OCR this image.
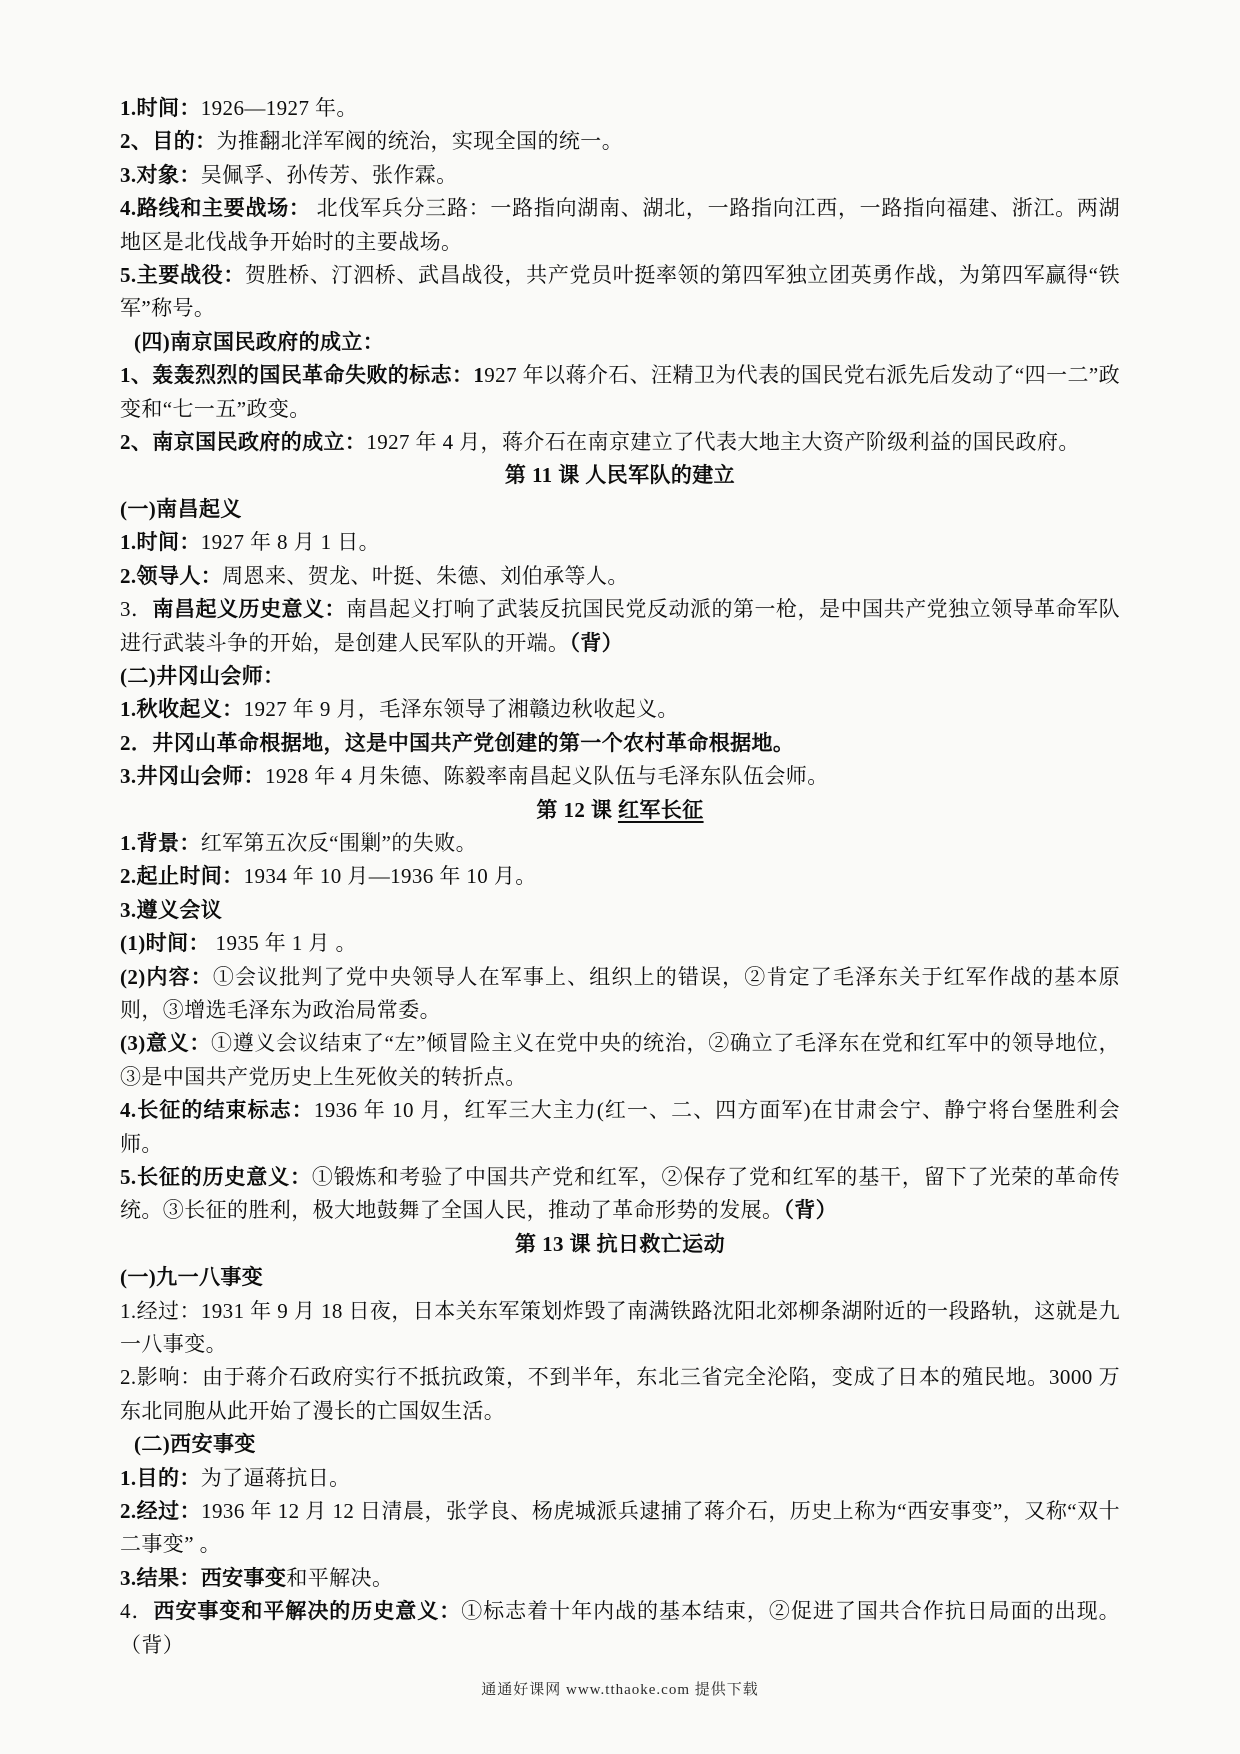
1.时间：1926—1927 年。

2、目的：为推翻北洋军阀的统治，实现全国的统一。

3.对象：吴佩孚、孙传芳、张作霖。

4.路线和主要战场： 北伐军兵分三路：一路指向湖南、湖北，一路指向江西，一路指向福建、浙江。两湖地区是北伐战争开始时的主要战场。

5.主要战役：贺胜桥、汀泗桥、武昌战役，共产党员叶挺率领的第四军独立团英勇作战，为第四军赢得“铁军”称号。

(四)南京国民政府的成立：

1、轰轰烈烈的国民革命失败的标志：1927 年以蒋介石、汪精卫为代表的国民党右派先后发动了“四一二”政变和“七一五”政变。

2、南京国民政府的成立：1927 年 4 月，蒋介石在南京建立了代表大地主大资产阶级利益的国民政府。

第 11 课 人民军队的建立

(一)南昌起义

1.时间：1927 年 8 月 1 日。

2.领导人：周恩来、贺龙、叶挺、朱德、刘伯承等人。

3．南昌起义历史意义：南昌起义打响了武装反抗国民党反动派的第一枪，是中国共产党独立领导革命军队进行武装斗争的开始，是创建人民军队的开端。（背）

(二)井冈山会师：

1.秋收起义：1927 年 9 月，毛泽东领导了湘赣边秋收起义。

2．井冈山革命根据地，这是中国共产党创建的第一个农村革命根据地。

3.井冈山会师：1928 年 4 月朱德、陈毅率南昌起义队伍与毛泽东队伍会师。

第 12 课 红军长征

1.背景：红军第五次反“围剿”的失败。

2.起止时间：1934 年 10 月—1936 年 10 月。

3.遵义会议

(1)时间： 1935 年 1 月 。

(2)内容：①会议批判了党中央领导人在军事上、组织上的错误，②肯定了毛泽东关于红军作战的基本原则，③增选毛泽东为政治局常委。

(3)意义：①遵义会议结束了“左”倾冒险主义在党中央的统治，②确立了毛泽东在党和红军中的领导地位，③是中国共产党历史上生死攸关的转折点。

4.长征的结束标志：1936 年 10 月，红军三大主力(红一、二、四方面军)在甘肃会宁、静宁将台堡胜利会师。

5.长征的历史意义：①锻炼和考验了中国共产党和红军，②保存了党和红军的基干，留下了光荣的革命传统。③长征的胜利，极大地鼓舞了全国人民，推动了革命形势的发展。（背）

第 13 课 抗日救亡运动

(一)九一八事变

1.经过：1931 年 9 月 18 日夜，日本关东军策划炸毁了南满铁路沈阳北郊柳条湖附近的一段路轨，这就是九一八事变。

2.影响：由于蒋介石政府实行不抵抗政策，不到半年，东北三省完全沦陷，变成了日本的殖民地。3000 万东北同胞从此开始了漫长的亡国奴生活。

(二)西安事变

1.目的：为了逼蒋抗日。

2.经过：1936 年 12 月 12 日清晨，张学良、杨虎城派兵逮捕了蒋介石，历史上称为“西安事变”，又称“双十二事变” 。

3.结果：西安事变和平解决。

4．西安事变和平解决的历史意义：①标志着十年内战的基本结束，②促进了国共合作抗日局面的出现。（背）

通通好课网 www.tthaoke.com 提供下载
